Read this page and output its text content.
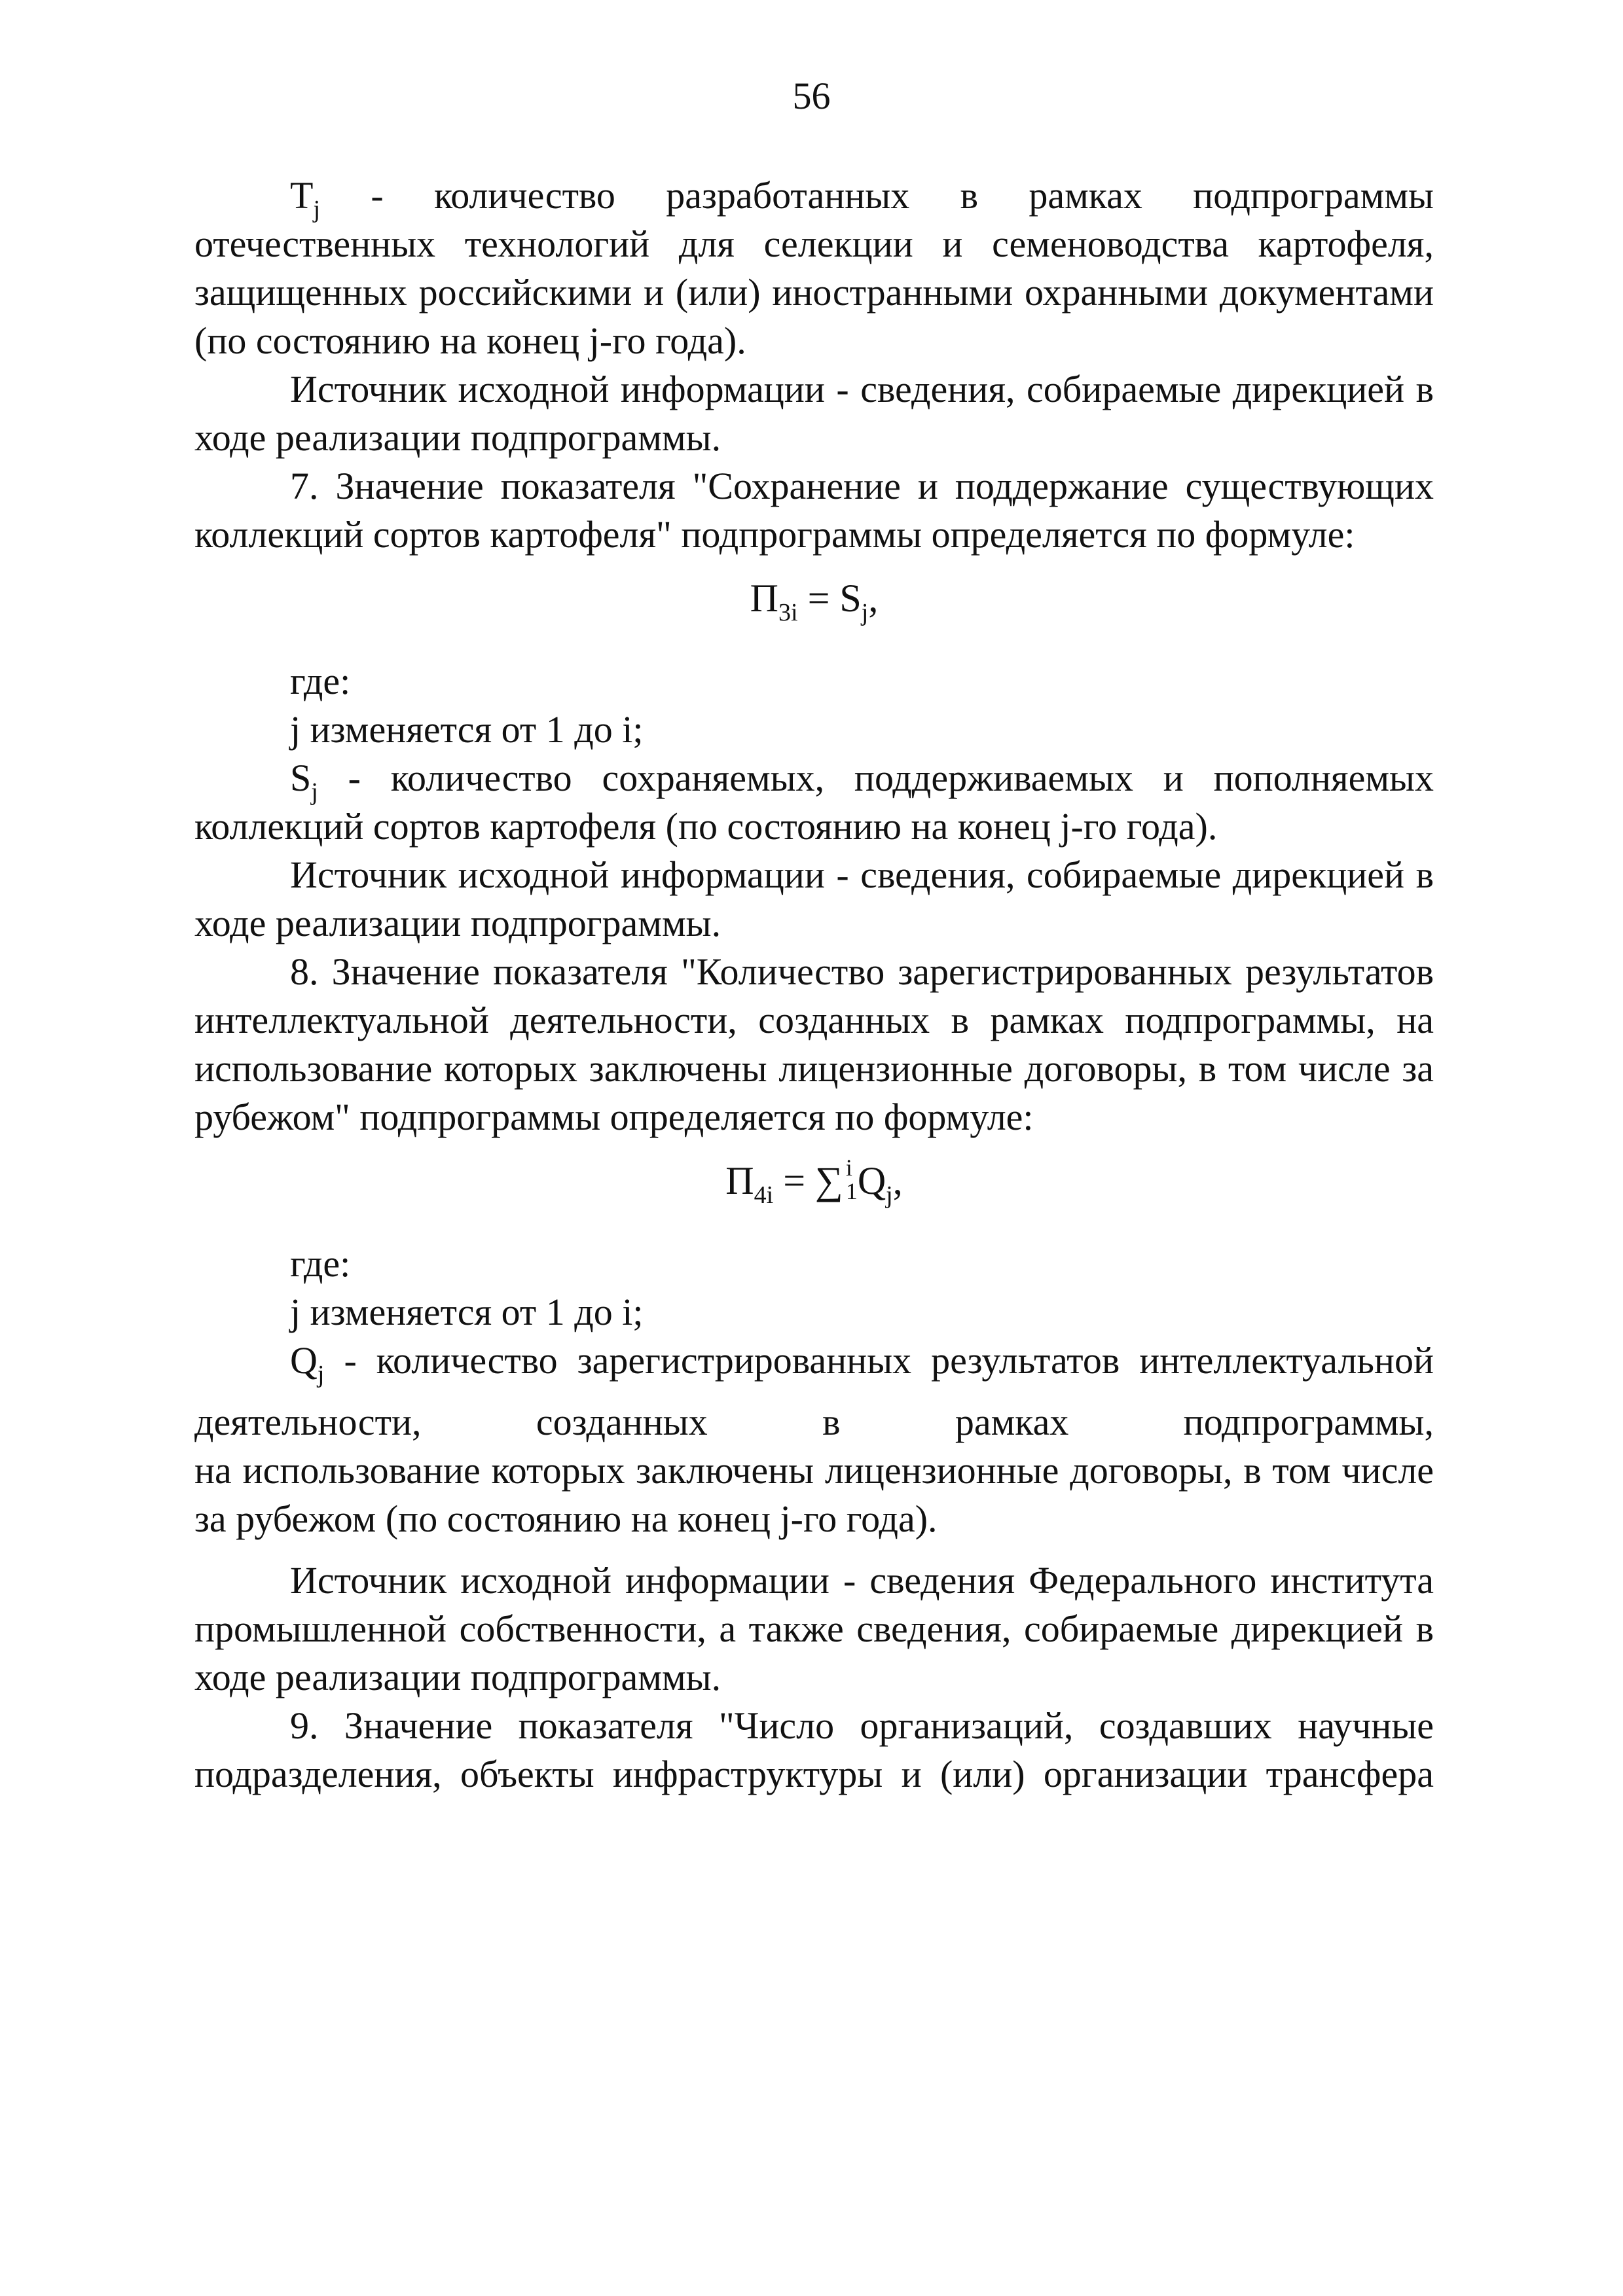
56

$T_j$ -   количество   разработанных   в   рамках   подпрограммы

отечественных технологий для селекции и семеноводства картофеля, защищенных российскими и (или) иностранными охранными документами (по состоянию на конец j-го года).

Источник исходной информации - сведения, собираемые дирекцией в ходе реализации подпрограммы.

7. Значение показателя "Сохранение и поддержание существующих коллекций сортов картофеля" подпрограммы определяется по формуле:

$П_{3i} = S_j$,

где:

j изменяется от 1 до i;

$S_j$ - количество сохраняемых, поддерживаемых и пополняемых коллекций сортов картофеля (по состоянию на конец j-го года).

Источник исходной информации - сведения, собираемые дирекцией в ходе реализации подпрограммы.

8. Значение показателя "Количество зарегистрированных результатов интеллектуальной деятельности, созданных в рамках подпрограммы, на использование которых заключены лицензионные договоры, в том числе за рубежом" подпрограммы определяется по формуле:

$П_{4i}$ = ∑ i
1 $Q_j$,

где:

j изменяется от 1 до i;

$Q_j$ - количество зарегистрированных результатов интеллектуальной

деятельности, созданных в рамках подпрограммы,

на использование которых заключены лицензионные договоры, в том числе за рубежом (по состоянию на конец j-го года).

Источник исходной информации - сведения Федерального института промышленной собственности, а также сведения, собираемые дирекцией в ходе реализации подпрограммы.

9. Значение показателя "Число организаций, создавших научные подразделения, объекты инфраструктуры и (или) организации трансфера
